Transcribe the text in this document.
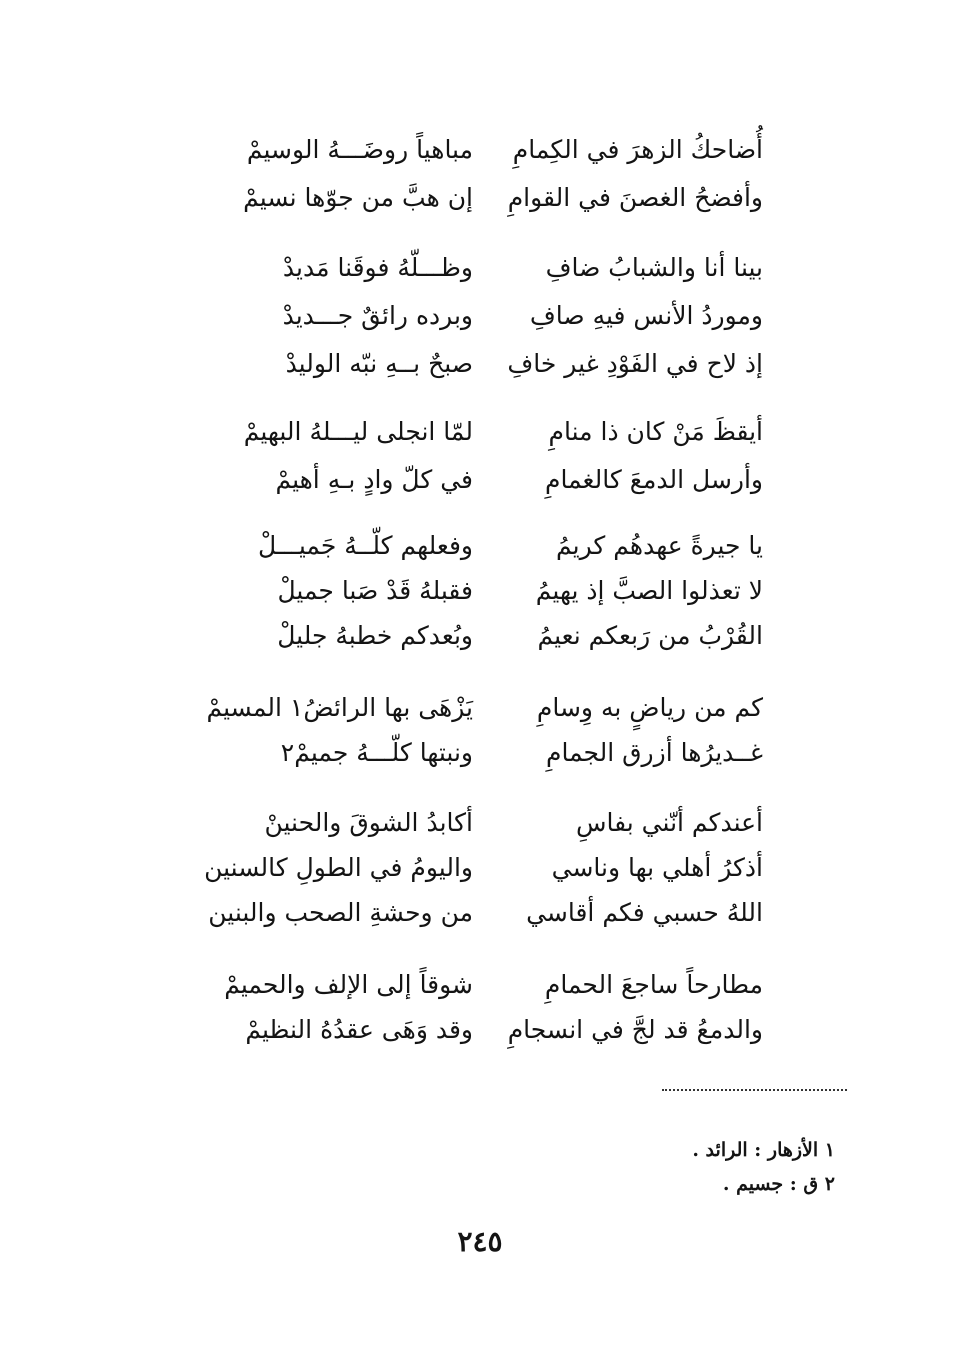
أُضاحكُ الزهرَ في الكِمامِ
مباهياً روضَـــهُ الوسيمْ
وأفضحُ الغصنَ في القوامِ
إن هبَّ من جوّها نسيمْ
بينا أنا والشبابُ ضافِ
وظـــلّهُ فوقَنا مَديدْ
وموردُ الأنس فيهِ صافِ
وبرده رائقٌ جـــديدْ
إذ لاح في الفَوْدِ غير خافِ
صبحٌ بــهِ نبّه الوليدْ
أيقظَ مَنْ كان ذا منامِ
لمّا انجلى ليـــلهُ البهيمْ
وأرسل الدمعَ كالغمامِ
في كلّ وادٍ بـهِ أهيمْ
يا جيرةً عهدهُم كريمُ
وفعلهم كلّــهُ جَميـــلْ
لا تعذلوا الصبَّ إذ يهيمُ
فقبلهُ قَدْ صَبا جميلْ
القُرْبُ من رَبعكم نعيمُ
وبُعدكم خطبهُ جليلْ
كم من رياضٍ به وِسامِ
يَزْهَى بها الرائضُ١ المسيمْ
غــديرُها أزرق الجمامِ
ونبتها كلّـــهُ جميمْ٢
أعندكم أنّني بفاسِ
أكابدُ الشوقَ والحنينْ
أذكرُ أهلي بها وناسي
واليومُ في الطولِ كالسنين
اللهُ حسبي فكم أقاسي
من وحشةِ الصحب والبنين
مطارحاً ساجعَ الحمامِ
شوقاً إلى الإلف والحميمْ
والدمعُ قد لجَّ في انسجامِ
وقد وَهَى عقدُهُ النظيمْ
١ الأزهار : الرائد .
٢ ق : جسيم .
٢٤٥
